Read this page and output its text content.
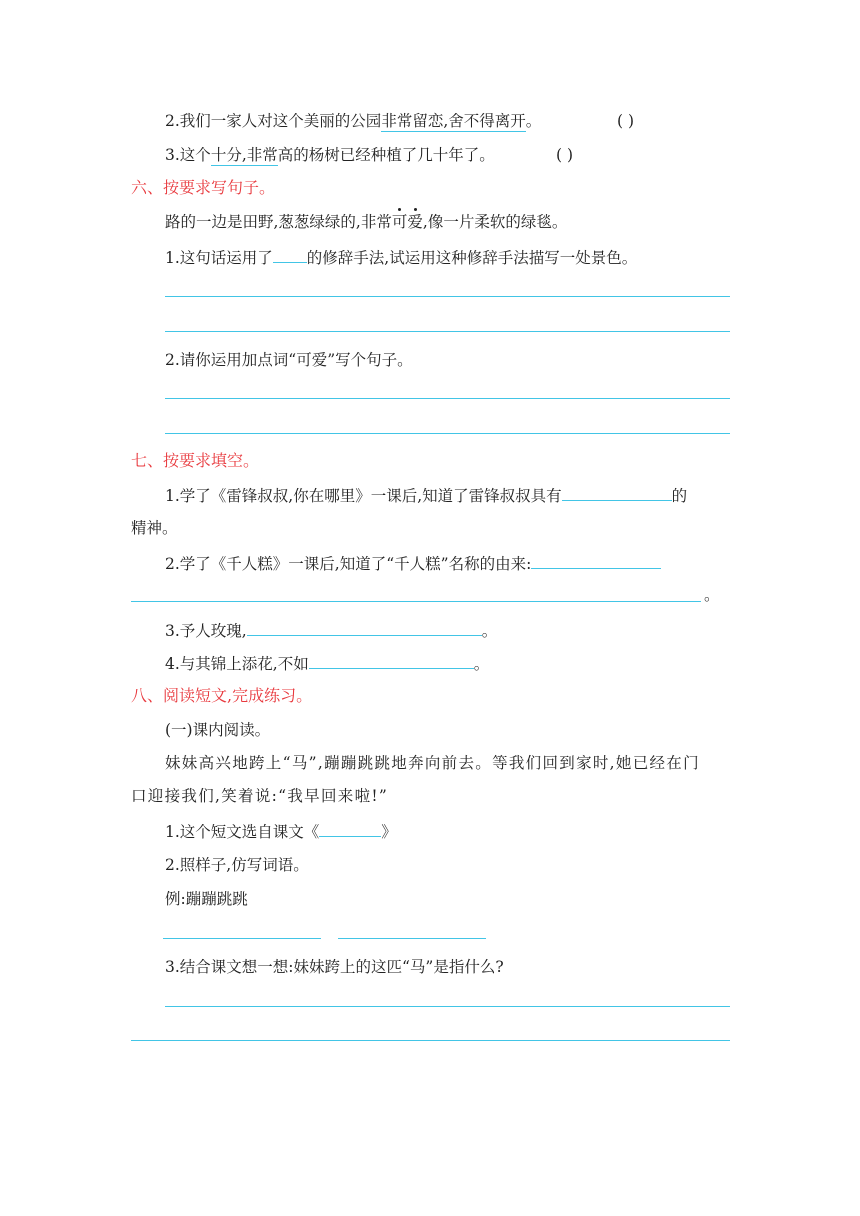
2.我们一家人对这个美丽的公园非常留恋,舍不得离开。	( )
3.这个十分,非常高的杨树已经种植了几十年了。	( )
六、按要求写句子。
路的一边是田野,葱葱绿绿的,非常可爱,像一片柔软的绿毯。
1.这句话运用了 的修辞手法,试运用这种修辞手法描写一处景色。
2.请你运用加点词“可爱”写个句子。
七、按要求填空。
1.学了《雷锋叔叔,你在哪里》一课后,知道了雷锋叔叔具有	的
精神。
2.学了《千人糕》一课后,知道了“千人糕”名称的由来:
。
3.予人玫瑰,	。
4.与其锦上添花,不如	。
八、阅读短文,完成练习。
(一)课内阅读。
妹妹高兴地跨上“马”,蹦蹦跳跳地奔向前去。等我们回到家时,她已经在门
口迎接我们,笑着说:“我早回来啦!”
1.这个短文选自课文《	》
2.照样子,仿写词语。
例:蹦蹦跳跳
3.结合课文想一想:妹妹跨上的这匹“马”是指什么?
